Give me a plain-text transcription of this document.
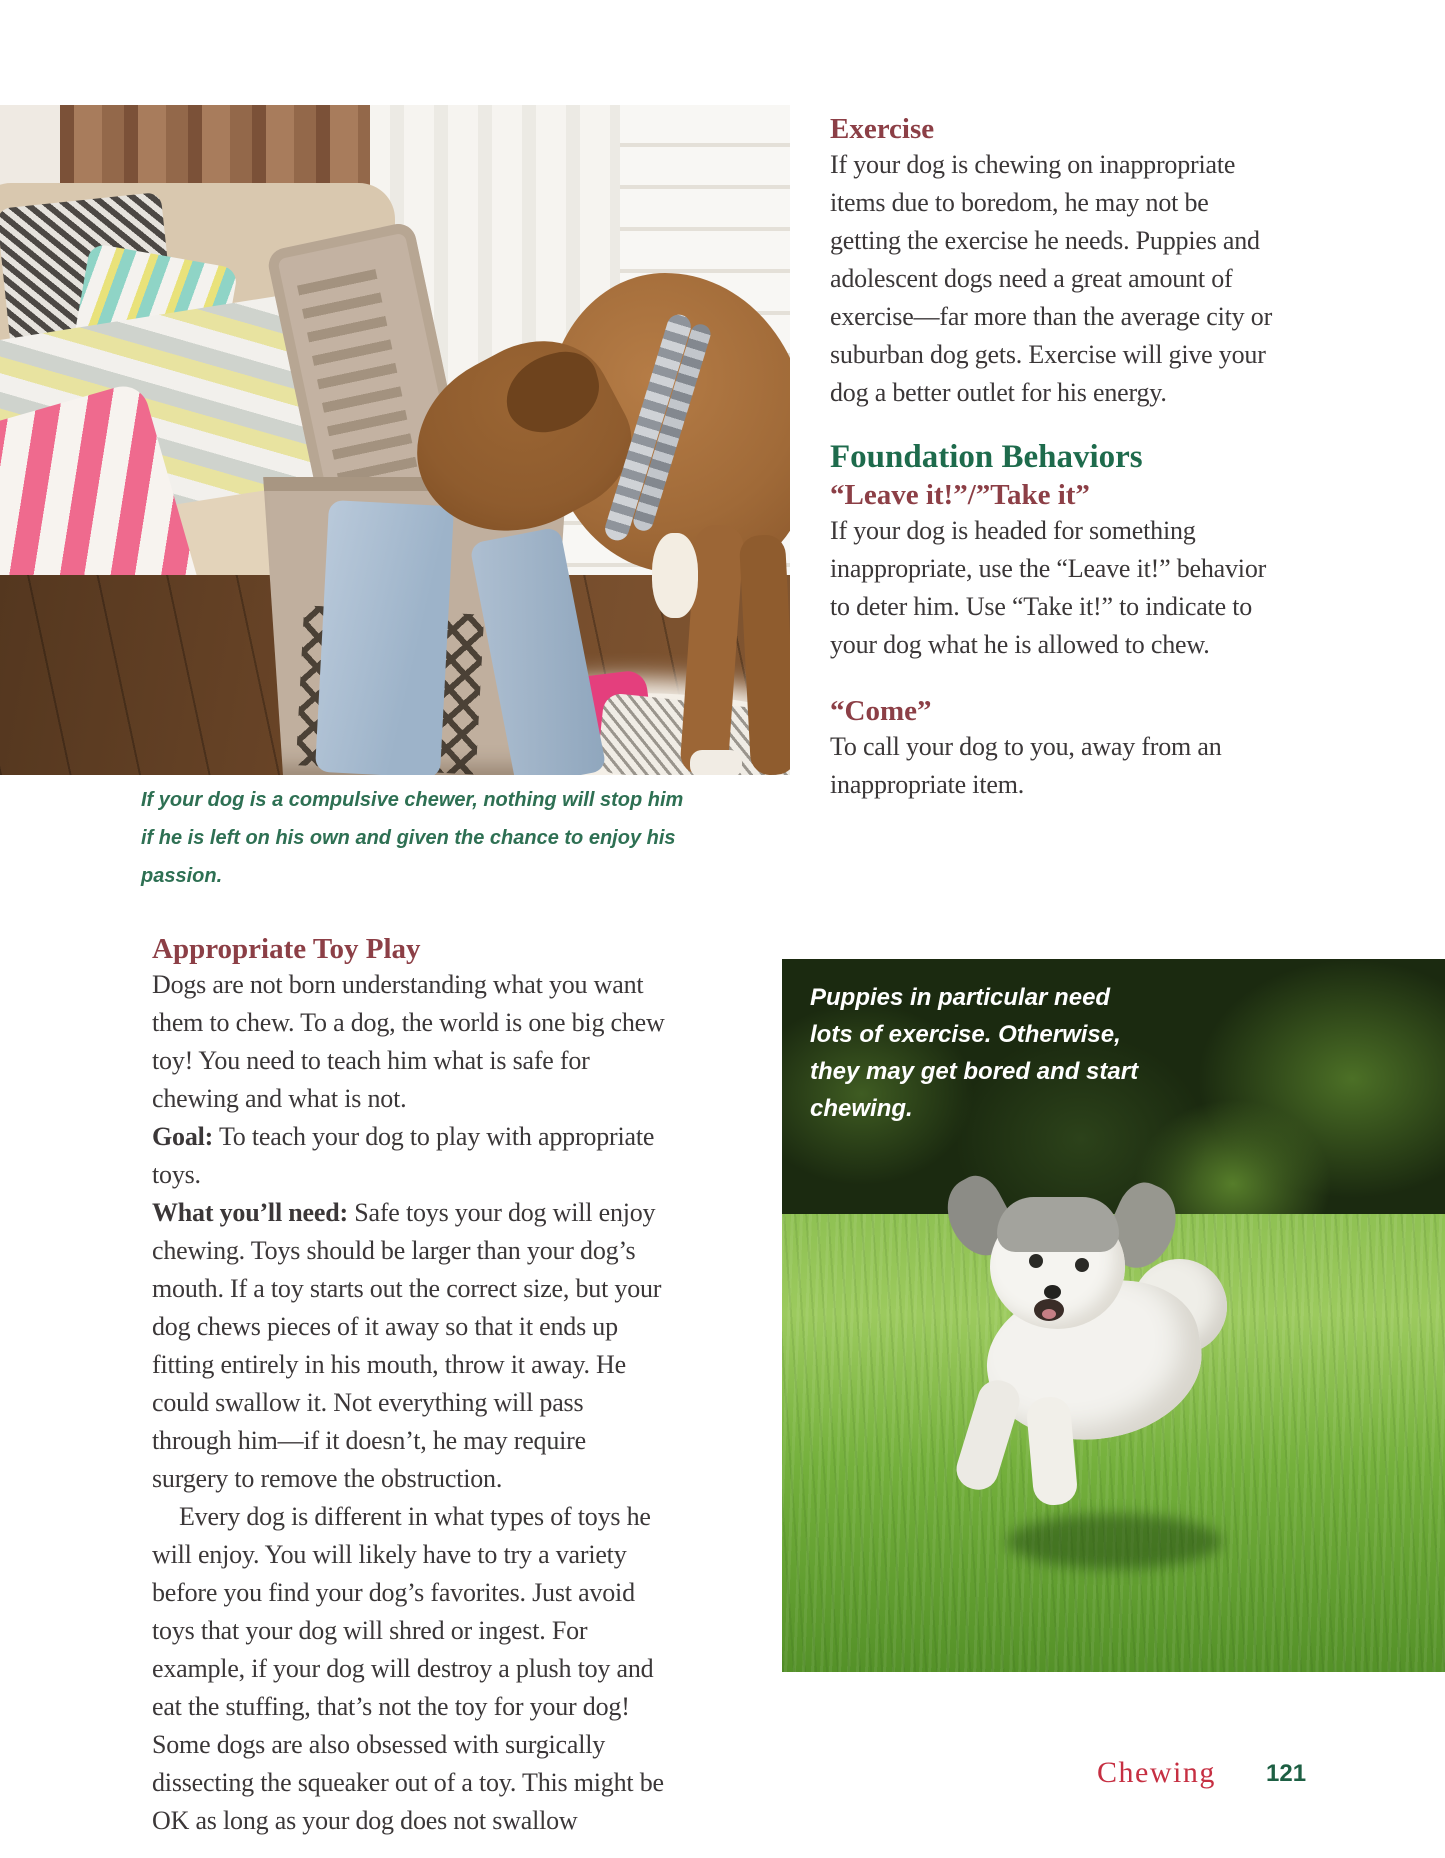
If your dog is a compulsive chewer, nothing will stop him if he is left on his own and given the chance to enjoy his passion.

Exercise

If your dog is chewing on inappropriate items due to boredom, he may not be getting the exercise he needs. Puppies and adolescent dogs need a great amount of exercise—far more than the average city or suburban dog gets. Exercise will give your dog a better outlet for his energy.

Foundation Behaviors
“Leave it!”/”Take it”

If your dog is headed for something inappropriate, use the “Leave it!” behavior to deter him. Use “Take it!” to indicate to your dog what he is allowed to chew.

“Come”

To call your dog to you, away from an inappropriate item.

Appropriate Toy Play

Dogs are not born understanding what you want them to chew. To a dog, the world is one big chew toy! You need to teach him what is safe for chewing and what is not.

Goal: To teach your dog to play with appropriate toys.

What you’ll need: Safe toys your dog will enjoy chewing. Toys should be larger than your dog’s mouth. If a toy starts out the correct size, but your dog chews pieces of it away so that it ends up fitting entirely in his mouth, throw it away. He could swallow it. Not everything will pass through him—if it doesn’t, he may require surgery to remove the obstruction.

Every dog is different in what types of toys he will enjoy. You will likely have to try a variety before you find your dog’s favorites. Just avoid toys that your dog will shred or ingest. For example, if your dog will destroy a plush toy and eat the stuffing, that’s not the toy for your dog! Some dogs are also obsessed with surgically dissecting the squeaker out of a toy. This might be OK as long as your dog does not swallow

Puppies in particular need lots of exercise. Otherwise, they may get bored and start chewing.
Chewing 121
